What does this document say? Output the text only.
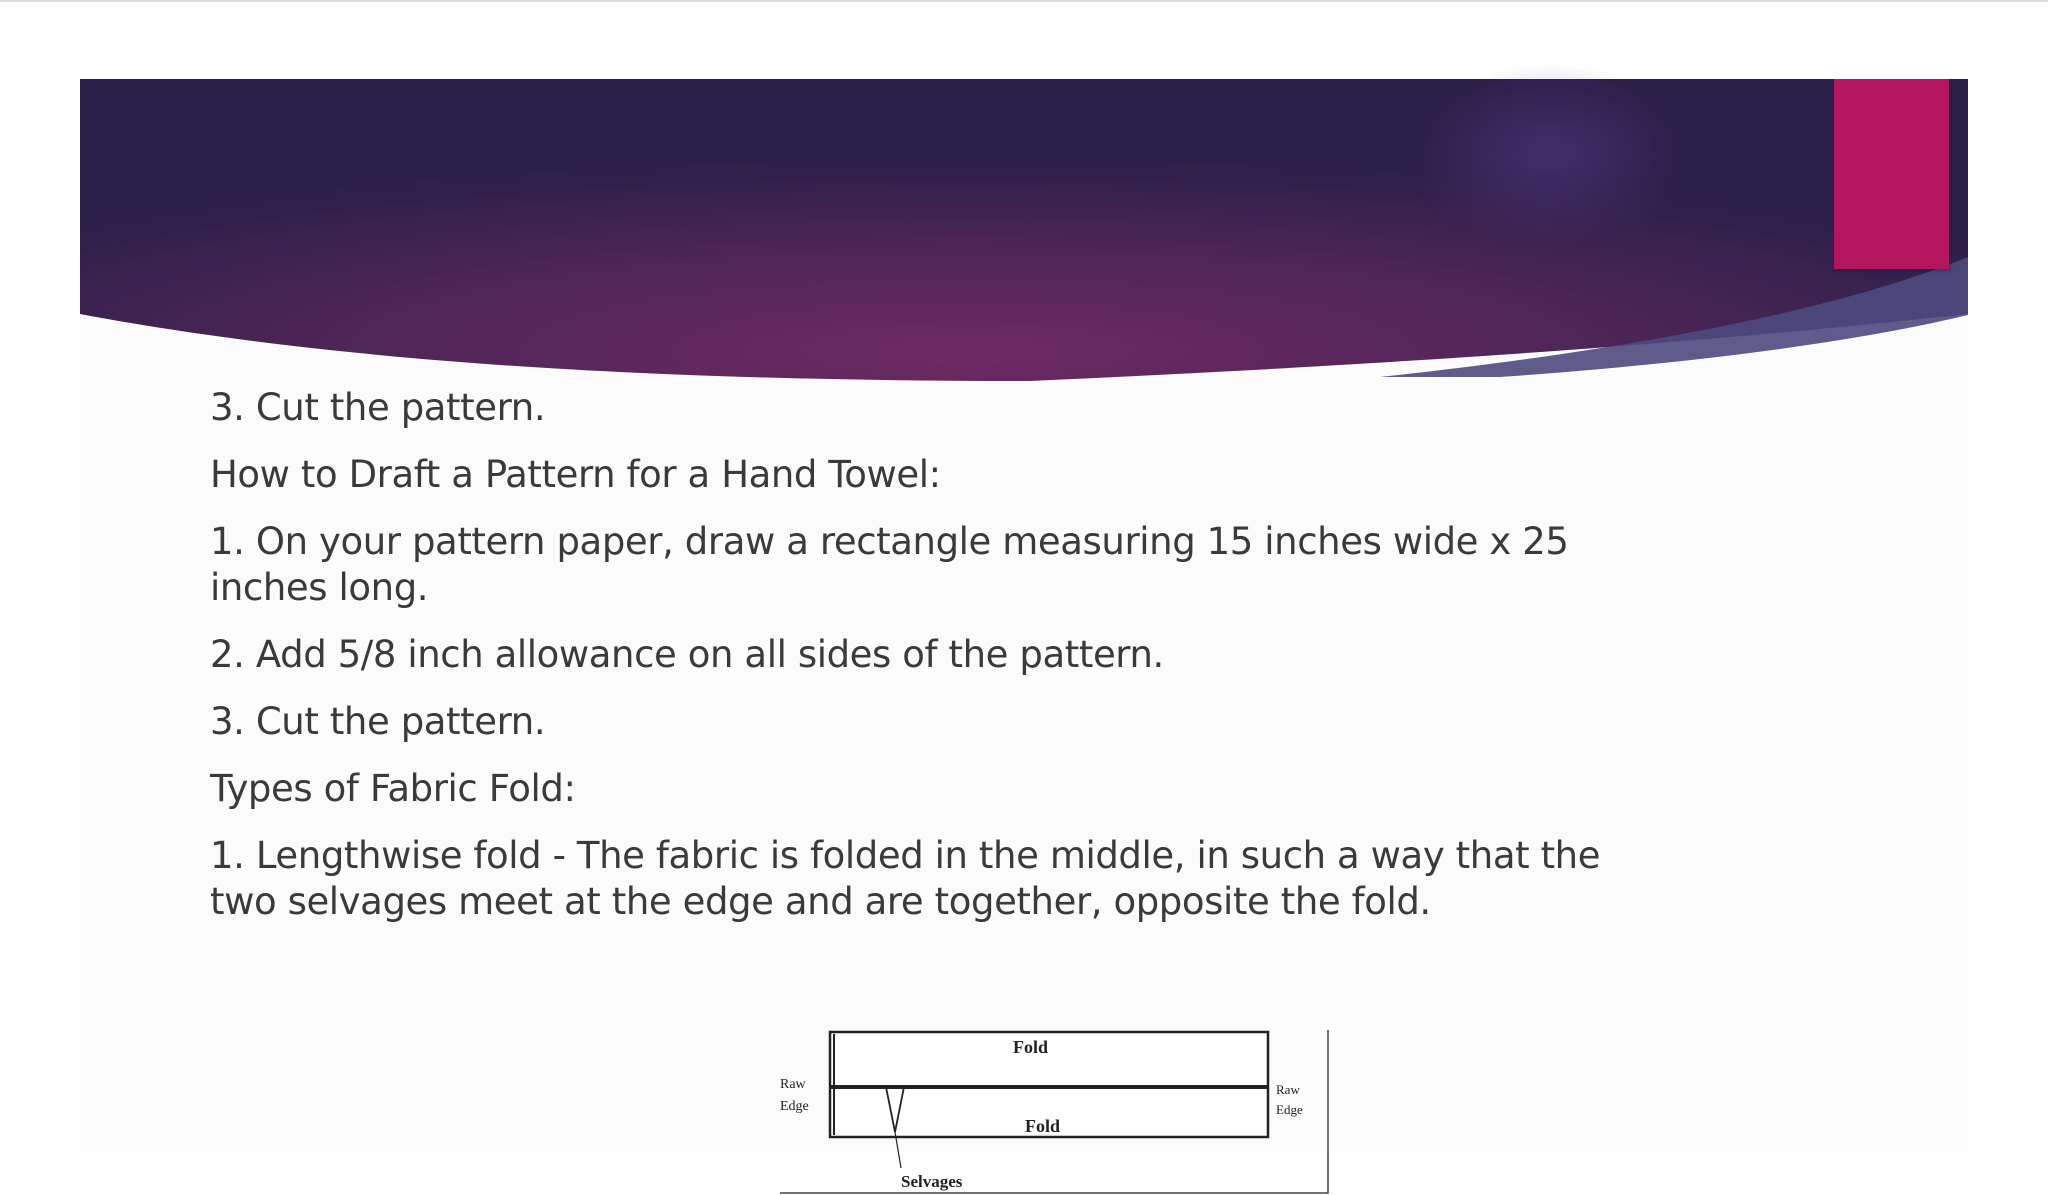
3. Cut the pattern.

How to Draft a Pattern for a Hand Towel:

1. On your pattern paper, draw a rectangle measuring 15 inches wide x 25 inches long.

2. Add 5/8 inch allowance on all sides of the pattern.

3. Cut the pattern.

Types of Fabric Fold:

1. Lengthwise fold - The fabric is folded in the middle, in such a way that the two selvages meet at the edge and are together, opposite the fold.

Fold
Fold
Raw
Edge
Raw
Edge
Selvages
